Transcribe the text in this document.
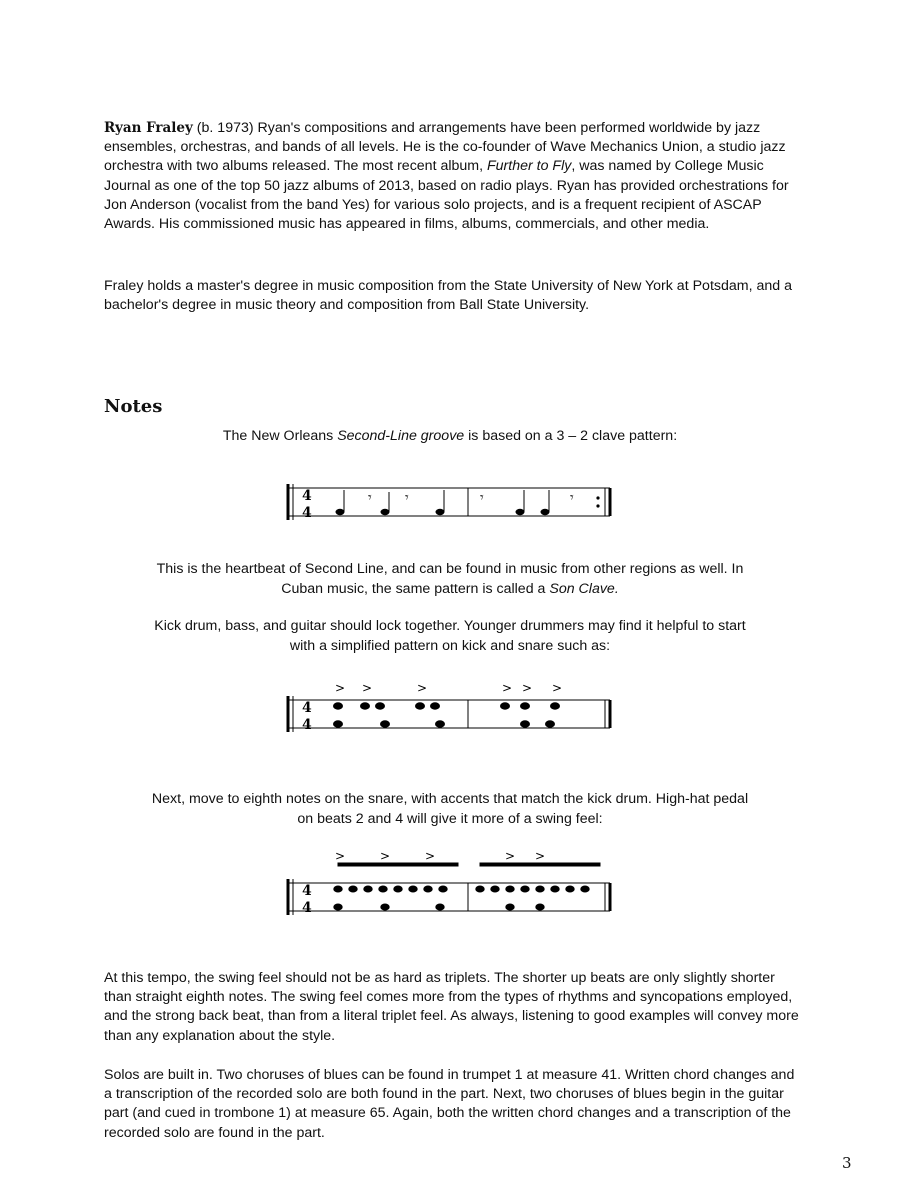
Ryan Fraley (b. 1973) Ryan's compositions and arrangements have been performed worldwide by jazz ensembles, orchestras, and bands of all levels. He is the co-founder of Wave Mechanics Union, a studio jazz orchestra with two albums released. The most recent album, Further to Fly, was named by College Music Journal as one of the top 50 jazz albums of 2013, based on radio plays. Ryan has provided orchestrations for Jon Anderson (vocalist from the band Yes) for various solo projects, and is a frequent recipient of ASCAP Awards. His commissioned music has appeared in films, albums, commercials, and other media.

Fraley holds a master's degree in music composition from the State University of New York at Potsdam, and a bachelor's degree in music theory and composition from Ball State University.

Notes

The New Orleans Second-Line groove is based on a 3 – 2 clave pattern:

4
4
𝄾 𝄾	𝄾	𝄾

This is the heartbeat of Second Line, and can be found in music from other regions as well. In Cuban music, the same pattern is called a Son Clave.

Kick drum, bass, and guitar should lock together. Younger drummers may find it helpful to start with a simplified pattern on kick and snare such as:

4
4
> >	>	> > >

Next, move to eighth notes on the snare, with accents that match the kick drum. High-hat pedal on beats 2 and 4 will give it more of a swing feel:

4
4
>	>	>	> >

At this tempo, the swing feel should not be as hard as triplets. The shorter up beats are only slightly shorter than straight eighth notes. The swing feel comes more from the types of rhythms and syncopations employed, and the strong back beat, than from a literal triplet feel. As always, listening to good examples will convey more than any explanation about the style.

Solos are built in. Two choruses of blues can be found in trumpet 1 at measure 41. Written chord changes and a transcription of the recorded solo are both found in the part. Next, two choruses of blues begin in the guitar part (and cued in trombone 1) at measure 65. Again, both the written chord changes and a transcription of the recorded solo are found in the part.

3
